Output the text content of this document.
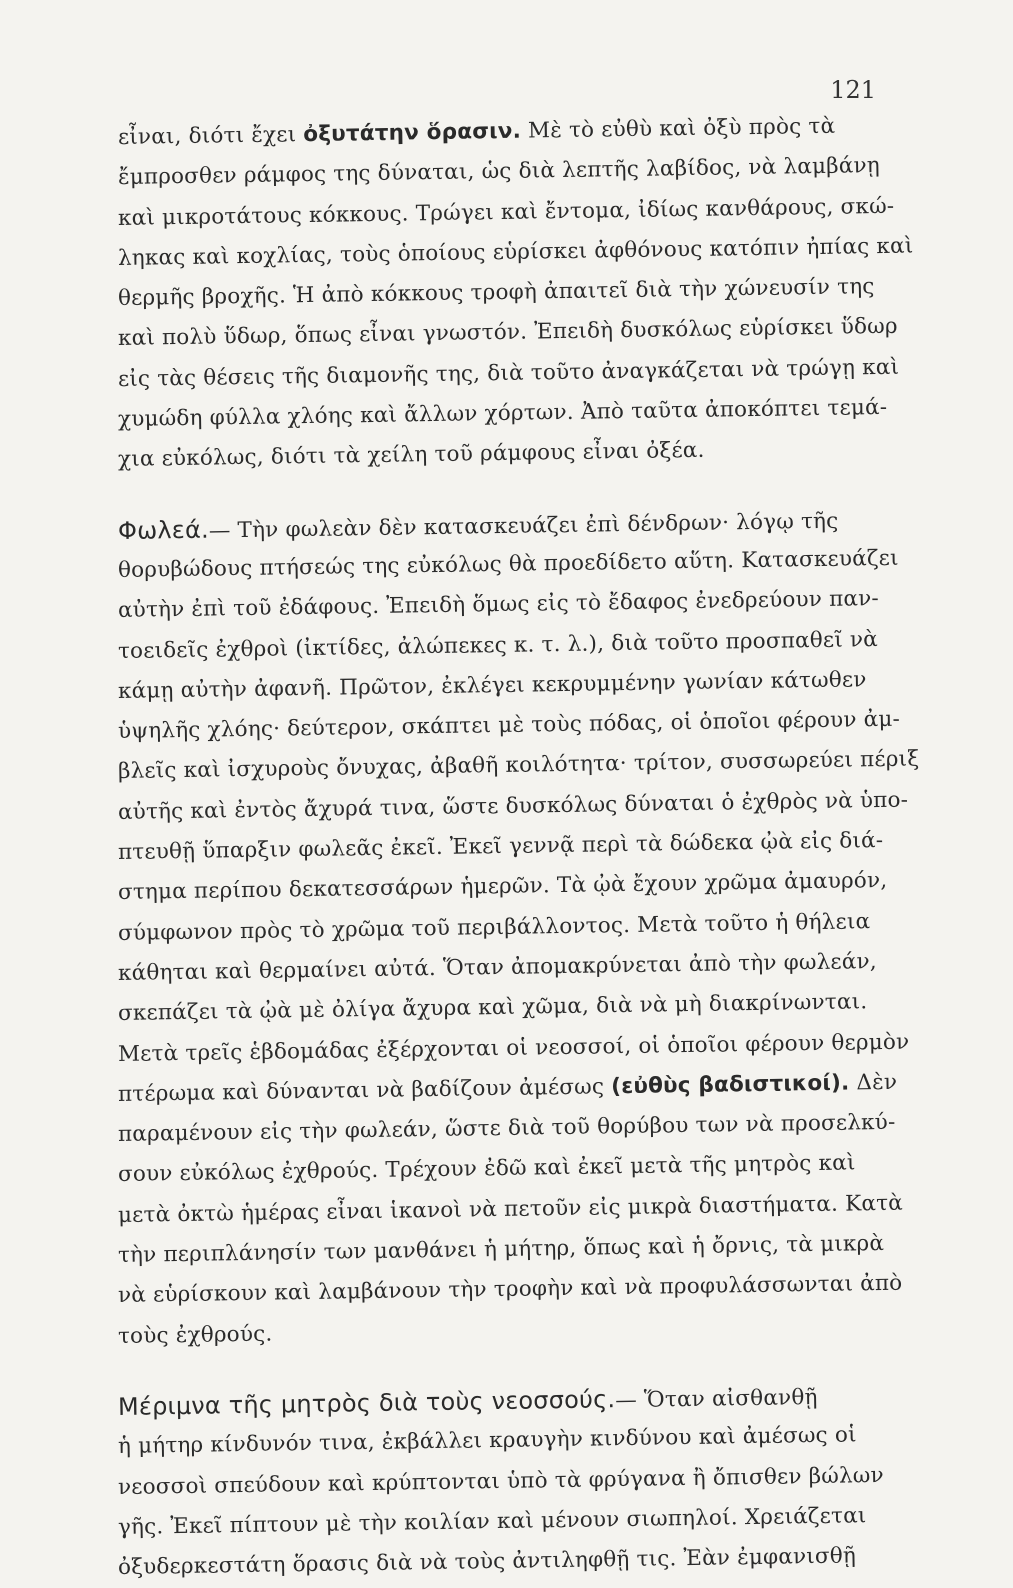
121
εἶναι, διότι ἔχει ὀξυτάτην ὅρασιν. Μὲ τὸ εὐθὺ καὶ ὀξὺ πρὸς τὰ
ἔμπροσθεν ράμφος της δύναται, ὡς διὰ λεπτῆς λαβίδος, νὰ λαμβάνῃ
καὶ μικροτάτους κόκκους. Τρώγει καὶ ἔντομα, ἰδίως κανθάρους, σκώ-
ληκας καὶ κοχλίας, τοὺς ὁποίους εὑρίσκει ἀφθόνους κατόπιν ἠπίας καὶ
θερμῆς βροχῆς. Ἡ ἀπὸ κόκκους τροφὴ ἀπαιτεῖ διὰ τὴν χώνευσίν της
καὶ πολὺ ὕδωρ, ὅπως εἶναι γνωστόν. Ἐπειδὴ δυσκόλως εὑρίσκει ὕδωρ
εἰς τὰς θέσεις τῆς διαμονῆς της, διὰ τοῦτο ἀναγκάζεται νὰ τρώγῃ καὶ
χυμώδη φύλλα χλόης καὶ ἄλλων χόρτων. Ἀπὸ ταῦτα ἀποκόπτει τεμά-
χια εὐκόλως, διότι τὰ χείλη τοῦ ράμφους εἶναι ὀξέα.
Φωλεά.— Τὴν φωλεὰν δὲν κατασκευάζει ἐπὶ δένδρων· λόγῳ τῆς
θορυβώδους πτήσεώς της εὐκόλως θὰ προεδίδετο αὕτη. Κατασκευάζει
αὐτὴν ἐπὶ τοῦ ἐδάφους. Ἐπειδὴ ὅμως εἰς τὸ ἔδαφος ἐνεδρεύουν παν-
τοειδεῖς ἐχθροὶ (ἰκτίδες, ἀλώπεκες κ. τ. λ.), διὰ τοῦτο προσπαθεῖ νὰ
κάμῃ αὐτὴν ἀφανῆ. Πρῶτον, ἐκλέγει κεκρυμμένην γωνίαν κάτωθεν
ὑψηλῆς χλόης· δεύτερον, σκάπτει μὲ τοὺς πόδας, οἱ ὁποῖοι φέρουν ἀμ-
βλεῖς καὶ ἰσχυροὺς ὄνυχας, ἀβαθῆ κοιλότητα· τρίτον, συσσωρεύει πέριξ
αὐτῆς καὶ ἐντὸς ἄχυρά τινα, ὥστε δυσκόλως δύναται ὁ ἐχθρὸς νὰ ὑπο-
πτευθῇ ὕπαρξιν φωλεᾶς ἐκεῖ. Ἐκεῖ γεννᾷ περὶ τὰ δώδεκα ᾠὰ εἰς διά-
στημα περίπου δεκατεσσάρων ἡμερῶν. Τὰ ᾠὰ ἔχουν χρῶμα ἀμαυρόν,
σύμφωνον πρὸς τὸ χρῶμα τοῦ περιβάλλοντος. Μετὰ τοῦτο ἡ θήλεια
κάθηται καὶ θερμαίνει αὐτά. Ὅταν ἀπομακρύνεται ἀπὸ τὴν φωλεάν,
σκεπάζει τὰ ᾠὰ μὲ ὀλίγα ἄχυρα καὶ χῶμα, διὰ νὰ μὴ διακρίνωνται.
Μετὰ τρεῖς ἑβδομάδας ἐξέρχονται οἱ νεοσσοί, οἱ ὁποῖοι φέρουν θερμὸν
πτέρωμα καὶ δύνανται νὰ βαδίζουν ἀμέσως (εὐθὺς βαδιστικοί). Δὲν
παραμένουν εἰς τὴν φωλεάν, ὥστε διὰ τοῦ θορύβου των νὰ προσελκύ-
σουν εὐκόλως ἐχθρούς. Τρέχουν ἐδῶ καὶ ἐκεῖ μετὰ τῆς μητρὸς καὶ
μετὰ ὀκτὼ ἡμέρας εἶναι ἱκανοὶ νὰ πετοῦν εἰς μικρὰ διαστήματα. Κατὰ
τὴν περιπλάνησίν των μανθάνει ἡ μήτηρ, ὅπως καὶ ἡ ὄρνις, τὰ μικρὰ
νὰ εὑρίσκουν καὶ λαμβάνουν τὴν τροφὴν καὶ νὰ προφυλάσσωνται ἀπὸ
τοὺς ἐχθρούς.
Μέριμνα τῆς μητρὸς διὰ τοὺς νεοσσούς.— Ὅταν αἰσθανθῇ
ἡ μήτηρ κίνδυνόν τινα, ἐκβάλλει κραυγὴν κινδύνου καὶ ἀμέσως οἱ
νεοσσοὶ σπεύδουν καὶ κρύπτονται ὑπὸ τὰ φρύγανα ἢ ὄπισθεν βώλων
γῆς. Ἐκεῖ πίπτουν μὲ τὴν κοιλίαν καὶ μένουν σιωπηλοί. Χρειάζεται
ὀξυδερκεστάτη ὅρασις διὰ νὰ τοὺς ἀντιληφθῇ τις. Ἐὰν ἐμφανισθῇ
